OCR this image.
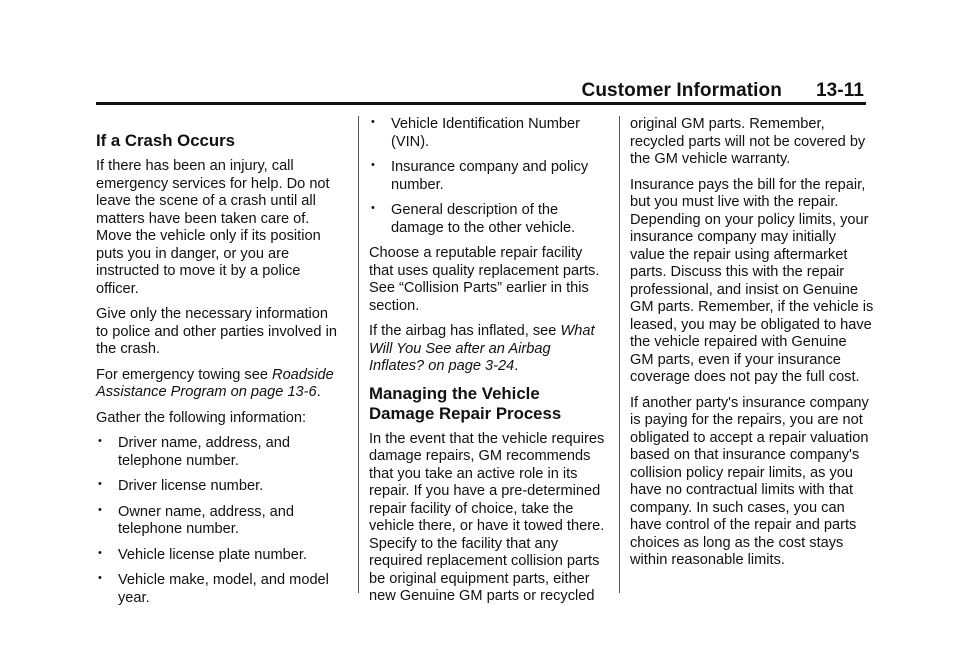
Customer Information 13-11
If a Crash Occurs

If there has been an injury, call emergency services for help. Do not leave the scene of a crash until all matters have been taken care of. Move the vehicle only if its position puts you in danger, or you are instructed to move it by a police officer.

Give only the necessary information to police and other parties involved in the crash.

For emergency towing see Roadside Assistance Program on page 13-6.

Gather the following information:

• Driver name, address, and telephone number.
• Driver license number.
• Owner name, address, and telephone number.
• Vehicle license plate number.
• Vehicle make, model, and model year.
• Vehicle Identification Number (VIN).
• Insurance company and policy number.
• General description of the damage to the other vehicle.

Choose a reputable repair facility that uses quality replacement parts. See “Collision Parts” earlier in this section.

If the airbag has inflated, see What Will You See after an Airbag Inflates? on page 3-24.

Managing the Vehicle Damage Repair Process

In the event that the vehicle requires damage repairs, GM recommends that you take an active role in its repair. If you have a pre-determined repair facility of choice, take the vehicle there, or have it towed there. Specify to the facility that any required replacement collision parts be original equipment parts, either new Genuine GM parts or recycled

original GM parts. Remember, recycled parts will not be covered by the GM vehicle warranty.

Insurance pays the bill for the repair, but you must live with the repair. Depending on your policy limits, your insurance company may initially value the repair using aftermarket parts. Discuss this with the repair professional, and insist on Genuine GM parts. Remember, if the vehicle is leased, you may be obligated to have the vehicle repaired with Genuine GM parts, even if your insurance coverage does not pay the full cost.

If another party's insurance company is paying for the repairs, you are not obligated to accept a repair valuation based on that insurance company's collision policy repair limits, as you have no contractual limits with that company. In such cases, you can have control of the repair and parts choices as long as the cost stays within reasonable limits.
